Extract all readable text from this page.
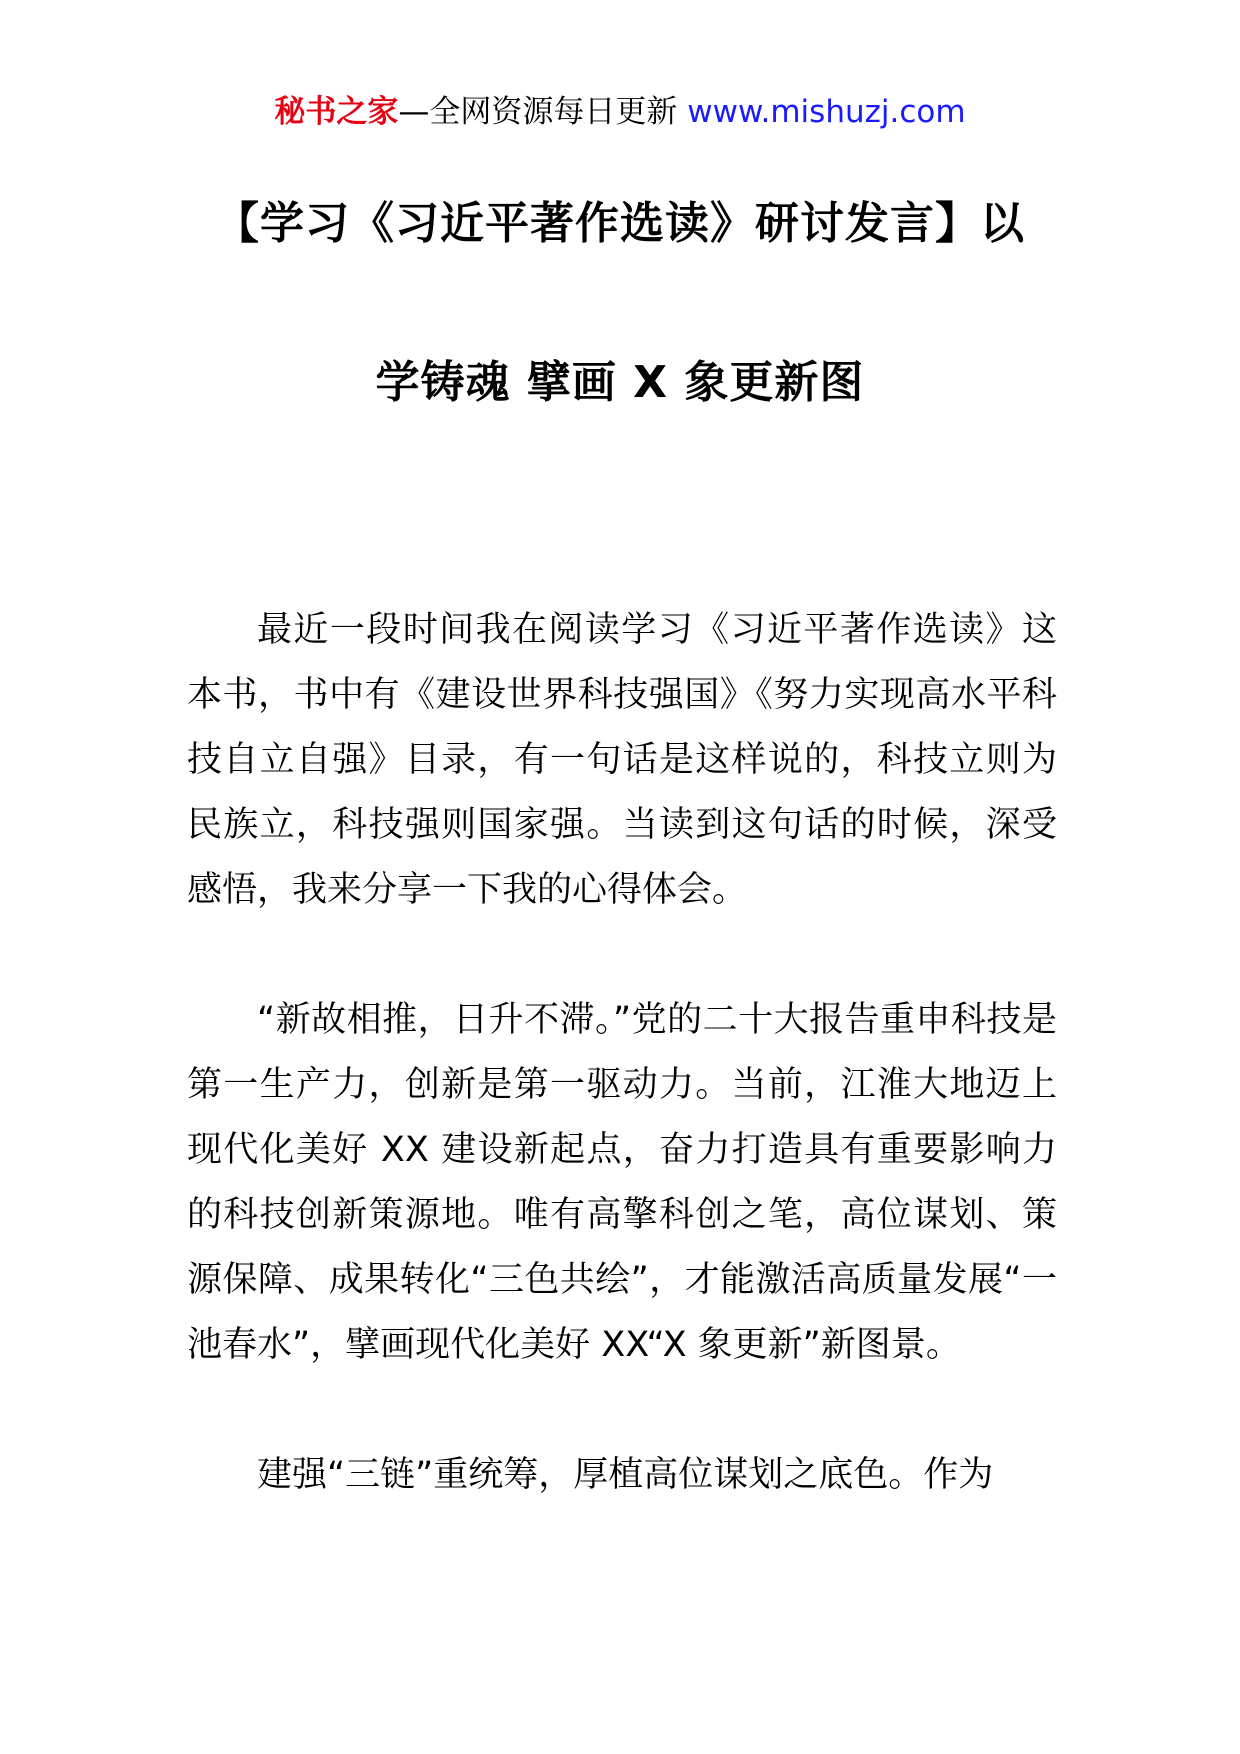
秘书之家—全网资源每日更新 www.mishuzj.com
【学习《习近平著作选读》研讨发言】以
学铸魂 擘画 X 象更新图

最近一段时间我在阅读学习《习近平著作选读》这本书，书中有《建设世界科技强国》《努力实现高水平科技自立自强》目录，有一句话是这样说的，科技立则为民族立，科技强则国家强。当读到这句话的时候，深受感悟，我来分享一下我的心得体会。

“新故相推，日升不滞。”党的二十大报告重申科技是第一生产力，创新是第一驱动力。当前，江淮大地迈上现代化美好 XX 建设新起点，奋力打造具有重要影响力的科技创新策源地。唯有高擎科创之笔，高位谋划、策源保障、成果转化“三色共绘”，才能激活高质量发展“一池春水”，擘画现代化美好 XX“X 象更新”新图景。

建强“三链”重统筹，厚植高位谋划之底色。作为
